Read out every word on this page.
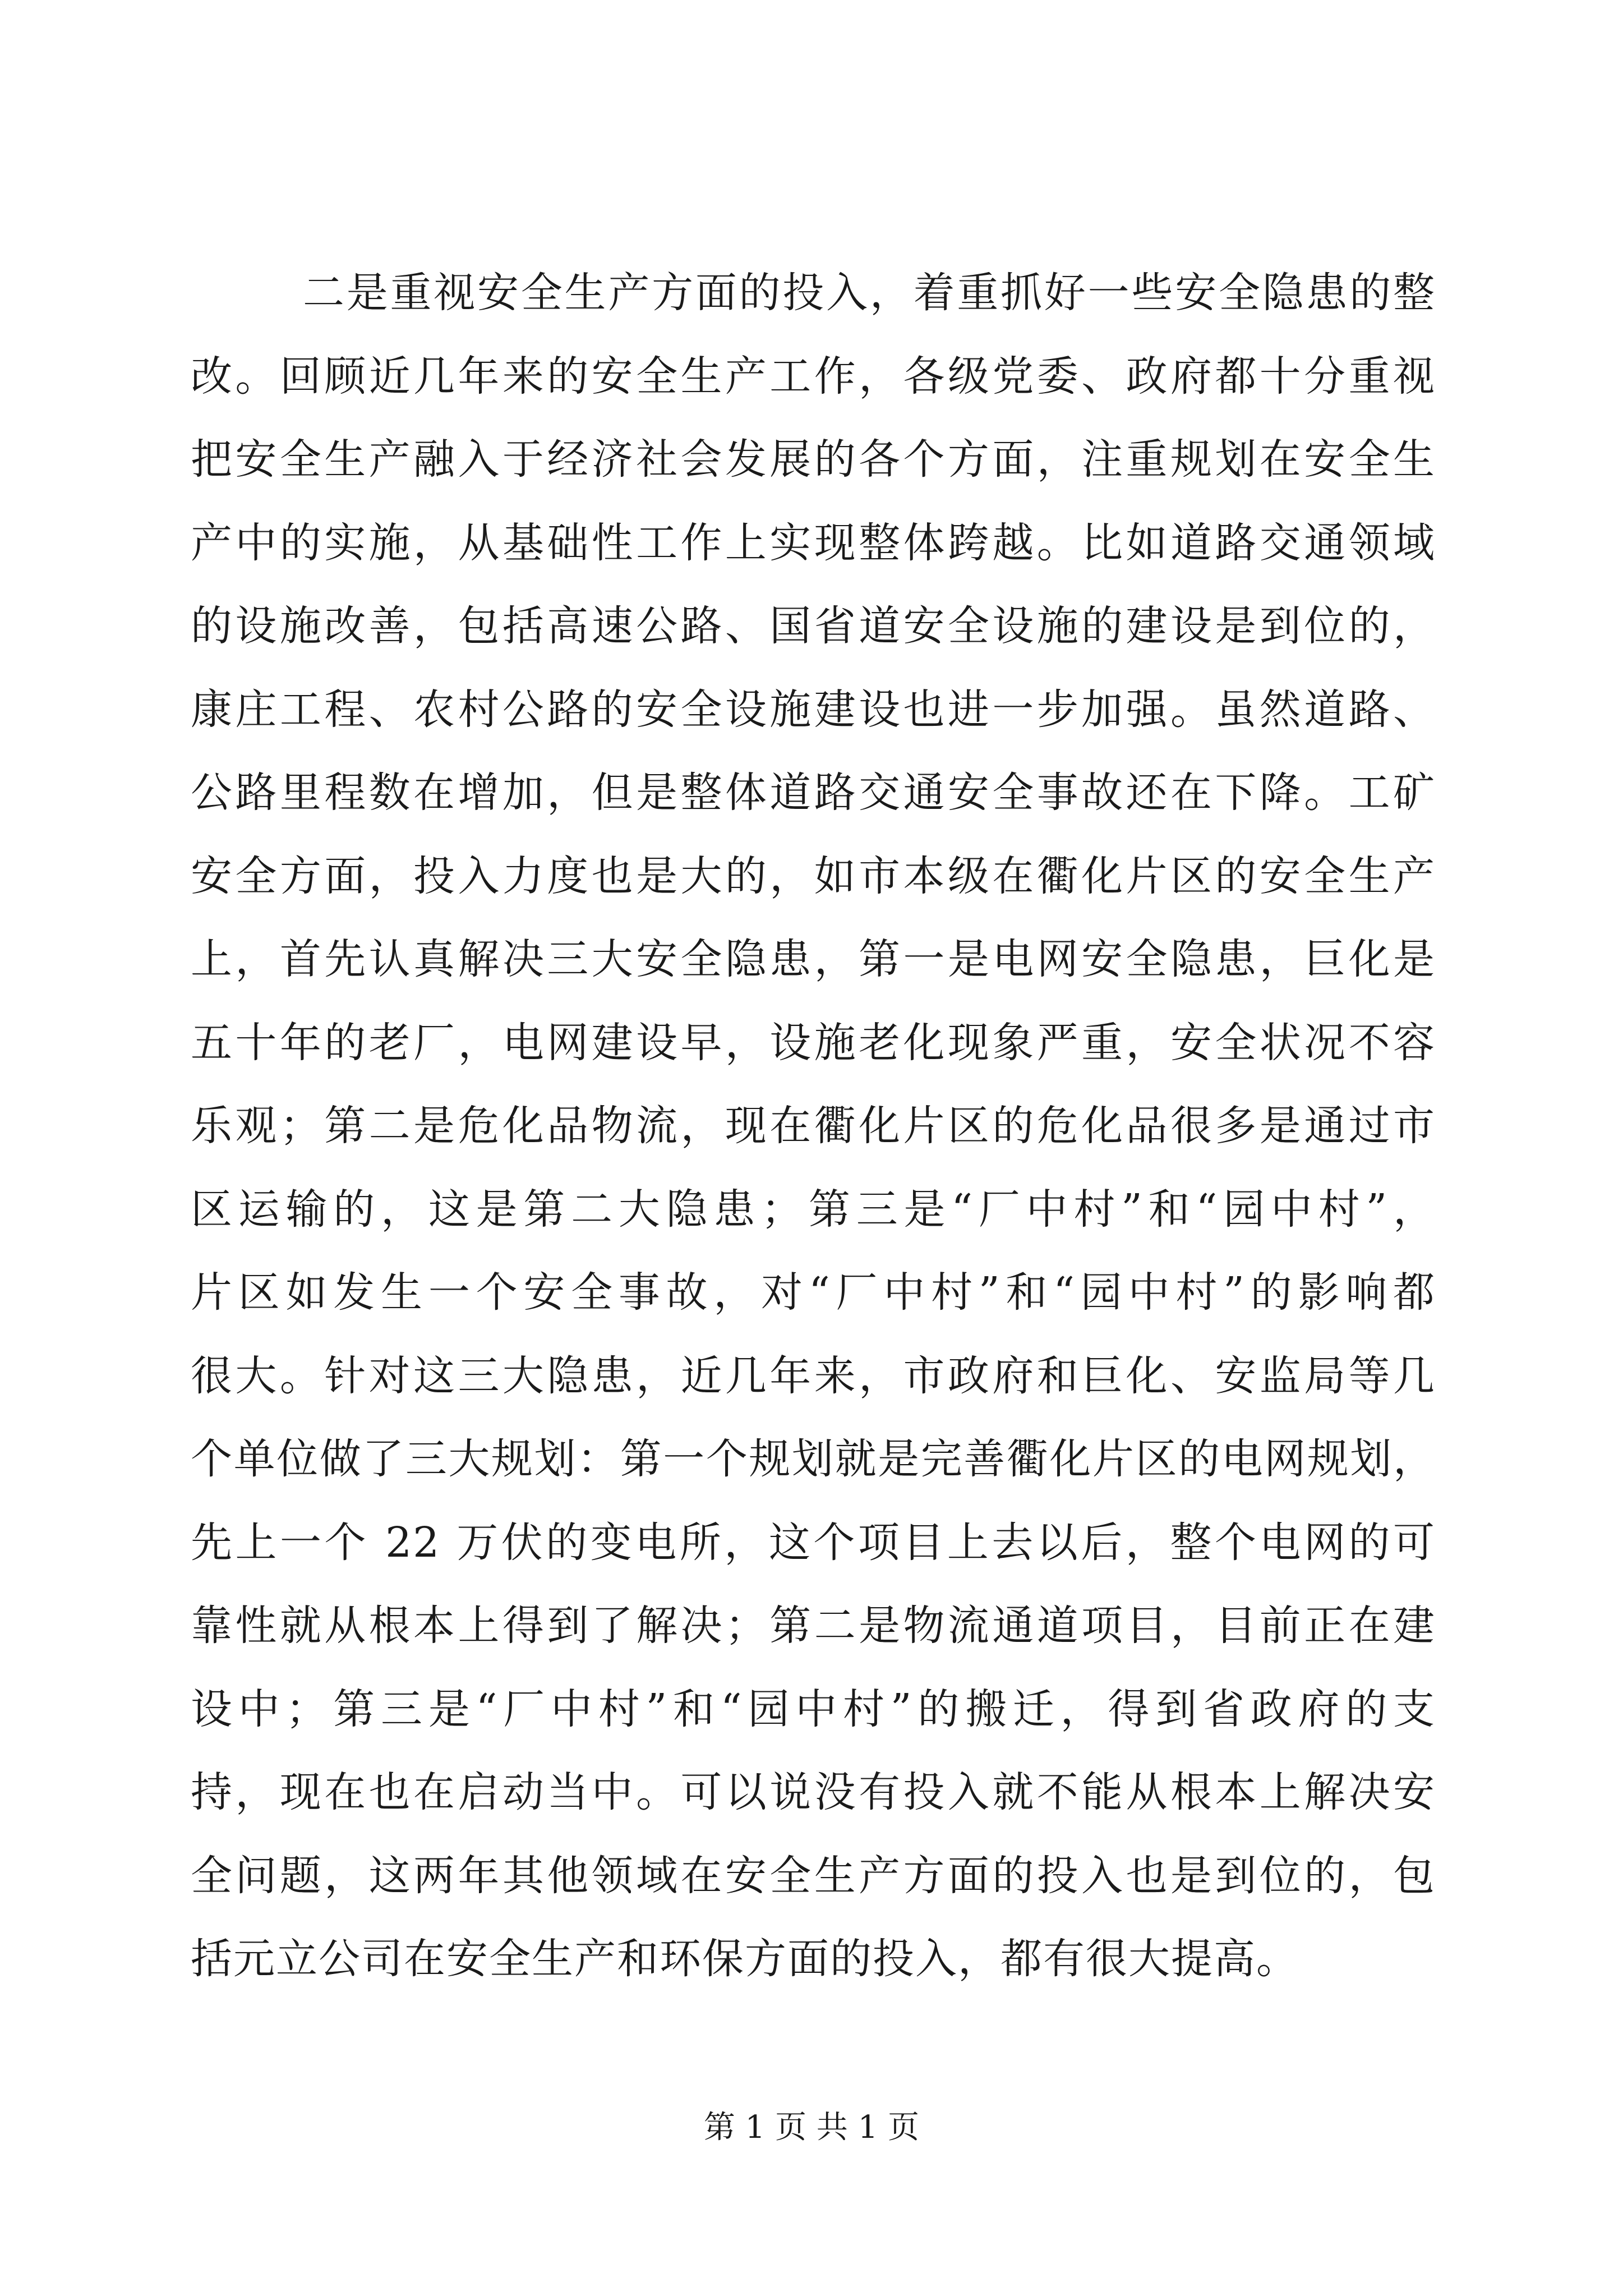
二是重视安全生产方面的投入，着重抓好一些安全隐患的整
改。回顾近几年来的安全生产工作，各级党委、政府都十分重视
把安全生产融入于经济社会发展的各个方面，注重规划在安全生
产中的实施，从基础性工作上实现整体跨越。比如道路交通领域
的设施改善，包括高速公路、国省道安全设施的建设是到位的，
康庄工程、农村公路的安全设施建设也进一步加强。虽然道路、
公路里程数在增加，但是整体道路交通安全事故还在下降。工矿
安全方面，投入力度也是大的，如市本级在衢化片区的安全生产
上，首先认真解决三大安全隐患，第一是电网安全隐患，巨化是
五十年的老厂，电网建设早，设施老化现象严重，安全状况不容
乐观；第二是危化品物流，现在衢化片区的危化品很多是通过市
区运输的，这是第二大隐患；第三是“厂中村”和“园中村”，
片区如发生一个安全事故，对“厂中村”和“园中村”的影响都
很大。针对这三大隐患，近几年来，市政府和巨化、安监局等几
个单位做了三大规划：第一个规划就是完善衢化片区的电网规划，
先上一个 22 万伏的变电所，这个项目上去以后，整个电网的可
靠性就从根本上得到了解决；第二是物流通道项目，目前正在建
设中；第三是“厂中村”和“园中村”的搬迁，得到省政府的支
持，现在也在启动当中。可以说没有投入就不能从根本上解决安
全问题，这两年其他领域在安全生产方面的投入也是到位的，包
括元立公司在安全生产和环保方面的投入，都有很大提高。
第 1 页 共 1 页
